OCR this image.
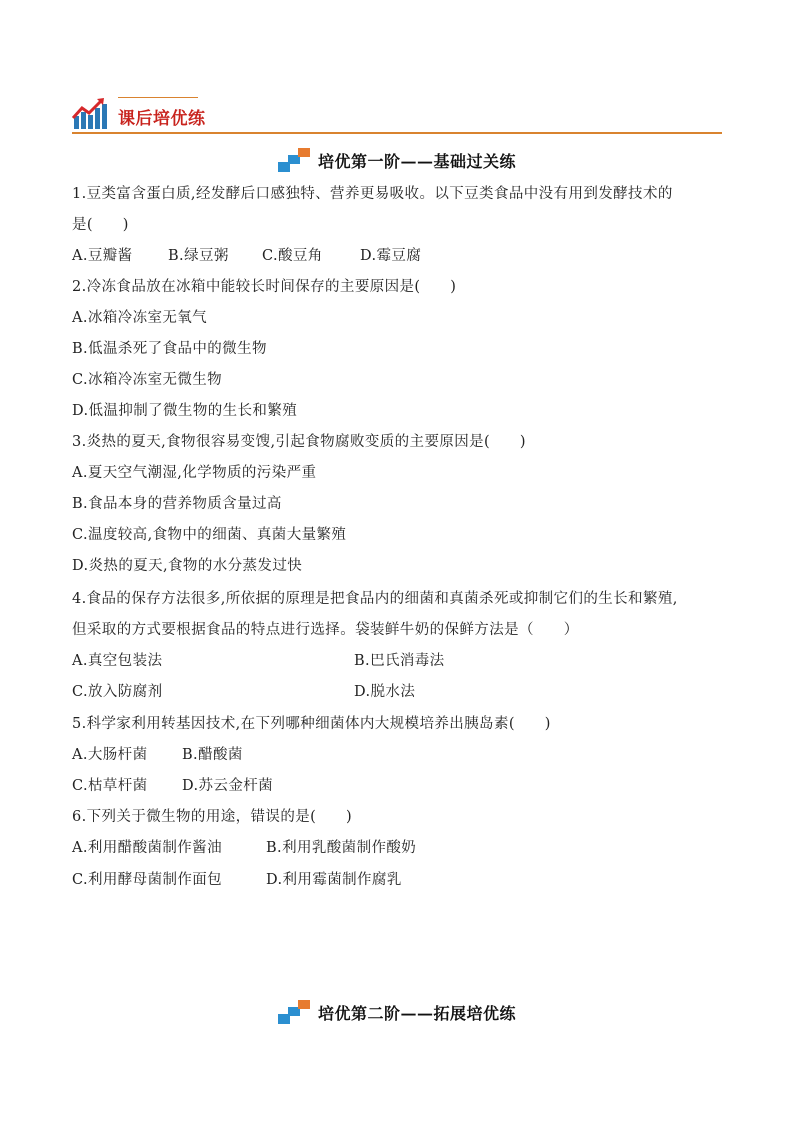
课后培优练
培优第一阶——基础过关练
1.豆类富含蛋白质,经发酵后口感独特、营养更易吸收。以下豆类食品中没有用到发酵技术的
是(　　)
A.豆瓣酱 B.绿豆粥 C.酸豆角	D.霉豆腐
2.冷冻食品放在冰箱中能较长时间保存的主要原因是(　　)
A.冰箱冷冻室无氧气
B.低温杀死了食品中的微生物
C.冰箱冷冻室无微生物
D.低温抑制了微生物的生长和繁殖
3.炎热的夏天,食物很容易变馊,引起食物腐败变质的主要原因是(　　)
A.夏天空气潮湿,化学物质的污染严重
B.食品本身的营养物质含量过高
C.温度较高,食物中的细菌、真菌大量繁殖
D.炎热的夏天,食物的水分蒸发过快
4.食品的保存方法很多,所依据的原理是把食品内的细菌和真菌杀死或抑制它们的生长和繁殖,
但采取的方式要根据食品的特点进行选择。袋装鲜牛奶的保鲜方法是（　　）
A.真空包装法	B.巴氏消毒法
C.放入防腐剂	D.脱水法
5.科学家利用转基因技术,在下列哪种细菌体内大规模培养出胰岛素(　　)
A.大肠杆菌 B.醋酸菌
C.枯草杆菌 D.苏云金杆菌
6.下列关于微生物的用途，错误的是(　　)
A.利用醋酸菌制作酱油	B.利用乳酸菌制作酸奶
C.利用酵母菌制作面包	D.利用霉菌制作腐乳
培优第二阶——拓展培优练
